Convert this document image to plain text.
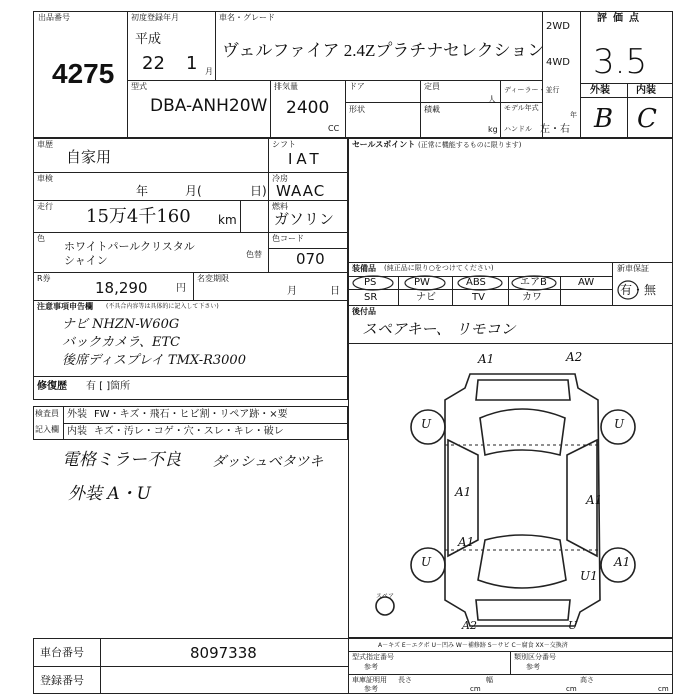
出品番号
4275
初度登録年月
平成
22 1 月
車名・グレード
ヴェルファイア 2.4Zプラチナセレクション
2WD
4WD
評価点
3.5
外装	内装
B C
型式
DBA-ANH20W
排気量
2400
CC
ドア	定員
人
ディーラー・並行
形状	積載	モデル年式
年
kg ハンドル 左・右
車歴
自家用
シフト
IAT
車検
年	月(	日)
冷房
WAAC
走行 15万4千160 km
燃料
ガソリン
色
ホワイトパールクリスタル
シャイン	色替
色コード
070
R券
18,290	円
名変期限
月	日
注意事項申告欄 (不具合内容等は具体的に記入して下さい)
ナビ NHZN-W60G
バックカメラ、ETC
後席ディスプレイ TMX-R3000
修復歴 有 [ ]箇所
検査員
記入欄
外装 FW・キズ・飛石・ヒビ割・リペア跡・×要
内装 キズ・汚レ・コゲ・穴・スレ・キレ・破レ
電格ミラー不良 ダッシュベタツキ
外装 A・U
セールスポイント (正常に機能するものに限ります)
装備品 (純正品に限り○をつけてください)	新車保証
有・無
PS	PW	ABS	エアB	AW
SR	ナビ	TV	カワ
後付品
スペアキー、 リモコン
A1	A2
U	U
A1
A1
A1
U	A1
U1
A2	U
スペア
A－キズ E－エクボ U－凹み W－補修跡 S－サビ C－腐食 XX－交換済
車台番号	8097338
登録番号
型式指定番号
参考
類別区分番号
参考
車庫証明用
参考
長さ
cm
幅
cm
高さ
cm
